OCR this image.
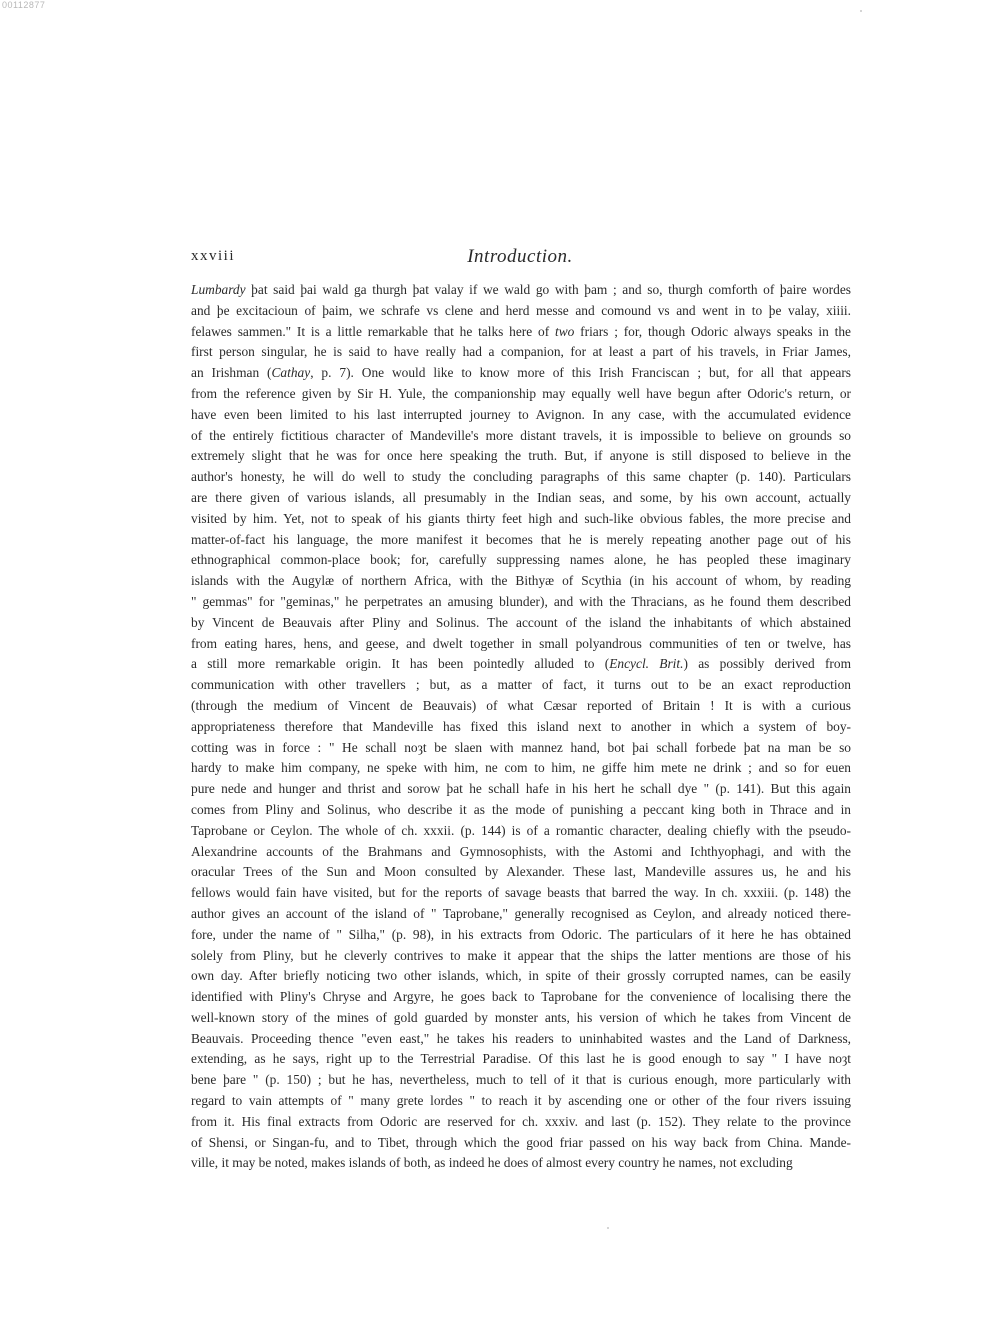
00112877
xxviii	Introduction.
Lumbardy þat said þai wald ga thurgh þat valay if we wald go with þam ; and so, thurgh comforth of þaire wordes
and þe excitacioun of þaim, we schrafe vs clene and herd messe and comound vs and went in to þe valay, xiiii.
felawes sammen." It is a little remarkable that he talks here of two friars ; for, though Odoric always speaks in the
first person singular, he is said to have really had a companion, for at least a part of his travels, in Friar James,
an Irishman (Cathay, p. 7). One would like to know more of this Irish Franciscan ; but, for all that appears
from the reference given by Sir H. Yule, the companionship may equally well have begun after Odoric's return, or
have even been limited to his last interrupted journey to Avignon. In any case, with the accumulated evidence
of the entirely fictitious character of Mandeville's more distant travels, it is impossible to believe on grounds so
extremely slight that he was for once here speaking the truth. But, if anyone is still disposed to believe in the
author's honesty, he will do well to study the concluding paragraphs of this same chapter (p. 140). Particulars
are there given of various islands, all presumably in the Indian seas, and some, by his own account, actually
visited by him. Yet, not to speak of his giants thirty feet high and such-like obvious fables, the more precise and
matter-of-fact his language, the more manifest it becomes that he is merely repeating another page out of his
ethnographical common-place book; for, carefully suppressing names alone, he has peopled these imaginary
islands with the Augylæ of northern Africa, with the Bithyæ of Scythia (in his account of whom, by reading
" gemmas" for "geminas," he perpetrates an amusing blunder), and with the Thracians, as he found them described
by Vincent de Beauvais after Pliny and Solinus. The account of the island the inhabitants of which abstained
from eating hares, hens, and geese, and dwelt together in small polyandrous communities of ten or twelve, has
a still more remarkable origin. It has been pointedly alluded to (Encycl. Brit.) as possibly derived from
communication with other travellers ; but, as a matter of fact, it turns out to be an exact reproduction
(through the medium of Vincent de Beauvais) of what Cæsar reported of Britain ! It is with a curious
appropriateness therefore that Mandeville has fixed this island next to another in which a system of boy-
cotting was in force : " He schall noȝt be slaen with mannez hand, bot þai schall forbede þat na man be so
hardy to make him company, ne speke with him, ne com to him, ne giffe him mete ne drink ; and so for euen
pure nede and hunger and thrist and sorow þat he schall hafe in his hert he schall dye " (p. 141). But this again
comes from Pliny and Solinus, who describe it as the mode of punishing a peccant king both in Thrace and in
Taprobane or Ceylon. The whole of ch. xxxii. (p. 144) is of a romantic character, dealing chiefly with the pseudo-
Alexandrine accounts of the Brahmans and Gymnosophists, with the Astomi and Ichthyophagi, and with the
oracular Trees of the Sun and Moon consulted by Alexander. These last, Mandeville assures us, he and his
fellows would fain have visited, but for the reports of savage beasts that barred the way. In ch. xxxiii. (p. 148) the
author gives an account of the island of " Taprobane," generally recognised as Ceylon, and already noticed there-
fore, under the name of " Silha," (p. 98), in his extracts from Odoric. The particulars of it here he has obtained
solely from Pliny, but he cleverly contrives to make it appear that the ships the latter mentions are those of his
own day. After briefly noticing two other islands, which, in spite of their grossly corrupted names, can be easily
identified with Pliny's Chryse and Argyre, he goes back to Taprobane for the convenience of localising there the
well-known story of the mines of gold guarded by monster ants, his version of which he takes from Vincent de
Beauvais. Proceeding thence "even east," he takes his readers to uninhabited wastes and the Land of Darkness,
extending, as he says, right up to the Terrestrial Paradise. Of this last he is good enough to say " I have noȝt
bene þare " (p. 150) ; but he has, nevertheless, much to tell of it that is curious enough, more particularly with
regard to vain attempts of " many grete lordes " to reach it by ascending one or other of the four rivers issuing
from it. His final extracts from Odoric are reserved for ch. xxxiv. and last (p. 152). They relate to the province
of Shensi, or Singan-fu, and to Tibet, through which the good friar passed on his way back from China. Mande-
ville, it may be noted, makes islands of both, as indeed he does of almost every country he names, not excluding
